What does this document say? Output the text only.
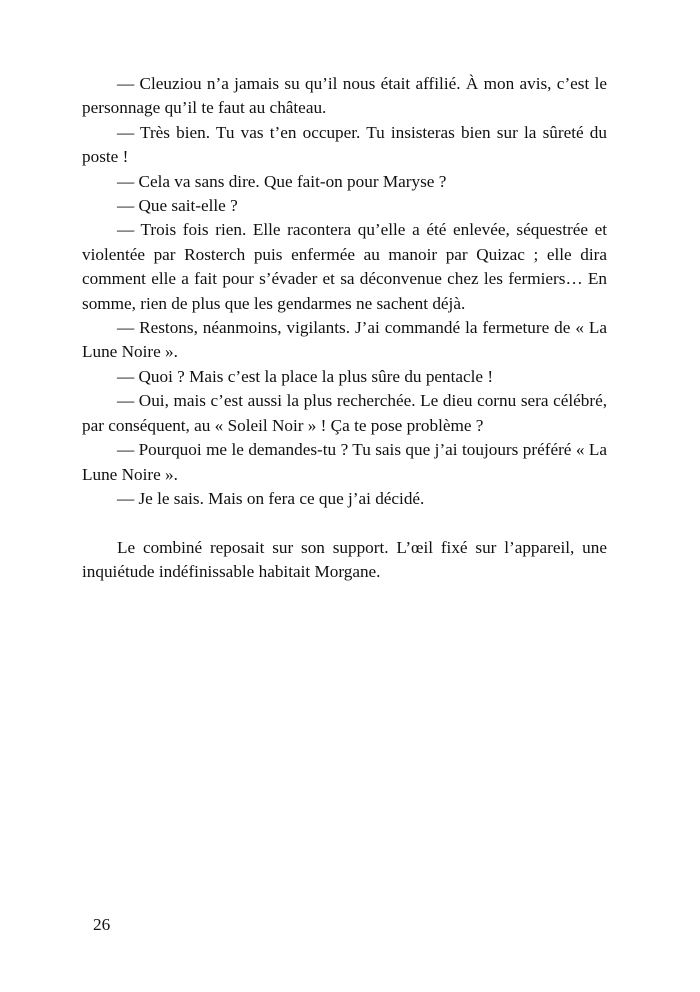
— Cleuziou n’a jamais su qu’il nous était affilié. À mon avis, c’est le personnage qu’il te faut au château.

— Très bien. Tu vas t’en occuper. Tu insisteras bien sur la sûreté du poste !

— Cela va sans dire. Que fait-on pour Maryse ?

— Que sait-elle ?

— Trois fois rien. Elle racontera qu’elle a été enlevée, séquestrée et violentée par Rosterch puis enfermée au manoir par Quizac ; elle dira comment elle a fait pour s’évader et sa déconvenue chez les fermiers… En somme, rien de plus que les gendarmes ne sachent déjà.

— Restons, néanmoins, vigilants. J’ai commandé la fermeture de « La Lune Noire ».

— Quoi ? Mais c’est la place la plus sûre du pentacle !

— Oui, mais c’est aussi la plus recherchée. Le dieu cornu sera célébré, par conséquent, au « Soleil Noir » ! Ça te pose problème ?

— Pourquoi me le demandes-tu ? Tu sais que j’ai toujours préféré « La Lune Noire ».

— Je le sais. Mais on fera ce que j’ai décidé.

Le combiné reposait sur son support. L’œil fixé sur l’appareil, une inquiétude indéfinissable habitait Morgane.

26
